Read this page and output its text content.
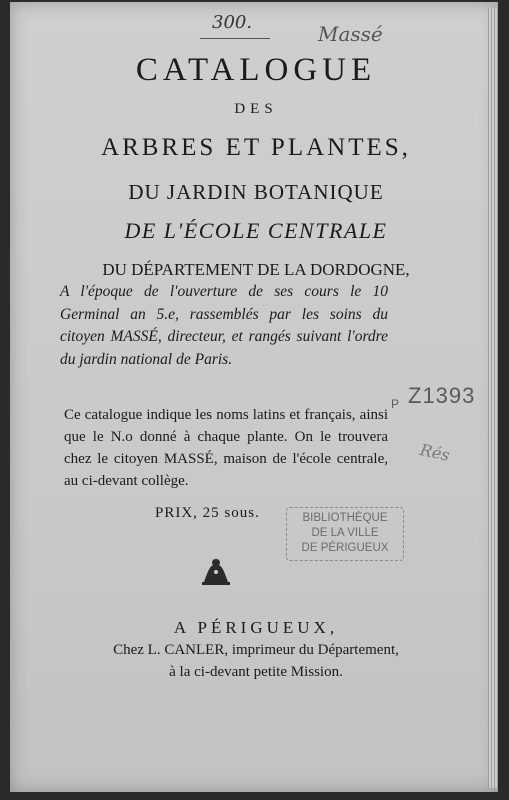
300.	Massé
Rés
CATALOGUE
DES
ARBRES ET PLANTES,
DU JARDIN BOTANIQUE
DE L'ÉCOLE CENTRALE
DU DÉPARTEMENT DE LA DORDOGNE,
A l'époque de l'ouverture de ses cours le 10 Germinal an 5.e, rassemblés par les soins du citoyen MASSÉ, directeur, et rangés suivant l'ordre du jardin national de Paris.
Ce catalogue indique les noms latins et français, ainsi que le N.o donné à chaque plante. On le trouvera chez le citoyen MASSÉ, maison de l'école centrale, au ci-devant collège.
P Z1393
PRIX, 25 sous.	BIBLIOTHÈQUE
DE LA VILLE
DE PÉRIGUEUX
A PÉRIGUEUX,
Chez L. CANLER, imprimeur du Département,
à la ci-devant petite Mission.
